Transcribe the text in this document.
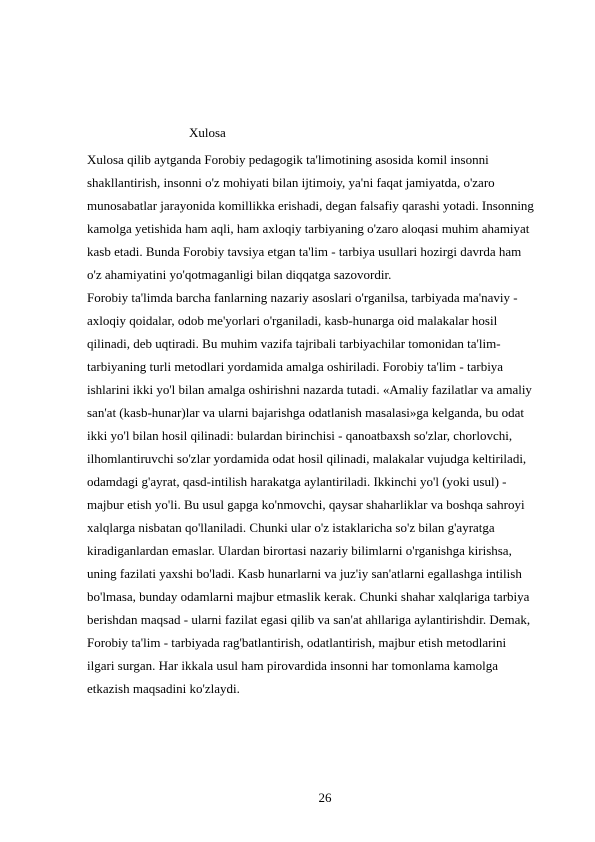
Xulosa
Xulosa qilib aytganda Forobiy pedagogik ta'limotining asosida komil insonni
shakllantirish, insonni o'z mohiyati bilan ijtimoiy, ya'ni faqat jamiyatda, o'zaro
munosabatlar jarayonida komillikka erishadi, degan falsafiy qarashi yotadi. Insonning
kamolga yetishida ham aqli, ham axloqiy tarbiyaning o'zaro aloqasi muhim ahamiyat
kasb etadi. Bunda Forobiy tavsiya etgan ta'lim - tarbiya usullari hozirgi davrda ham
o'z ahamiyatini yo'qotmaganligi bilan diqqatga sazovordir.
Forobiy ta'limda barcha fanlarning nazariy asoslari o'rganilsa, tarbiyada ma'naviy -
axloqiy qoidalar, odob me'yorlari o'rganiladi, kasb-hunarga oid malakalar hosil
qilinadi, deb uqtiradi. Bu muhim vazifa tajribali tarbiyachilar tomonidan ta'lim-
tarbiyaning turli metodlari yordamida amalga oshiriladi. Forobiy ta'lim - tarbiya
ishlarini ikki yo'l bilan amalga oshirishni nazarda tutadi. «Amaliy fazilatlar va amaliy
san'at (kasb-hunar)lar va ularni bajarishga odatlanish masalasi»ga kelganda, bu odat
ikki yo'l bilan hosil qilinadi: bulardan birinchisi - qanoatbaxsh so'zlar, chorlovchi,
ilhomlantiruvchi so'zlar yordamida odat hosil qilinadi, malakalar vujudga keltiriladi,
odamdagi g'ayrat, qasd-intilish harakatga aylantiriladi. Ikkinchi yo'l (yoki usul) -
majbur etish yo'li. Bu usul gapga ko'nmovchi, qaysar shaharliklar va boshqa sahroyi
xalqlarga nisbatan qo'llaniladi. Chunki ular o'z istaklaricha so'z bilan g'ayratga
kiradiganlardan emaslar. Ulardan birortasi nazariy bilimlarni o'rganishga kirishsa,
uning fazilati yaxshi bo'ladi. Kasb hunarlarni va juz'iy san'atlarni egallashga intilish
bo'lmasa, bunday odamlarni majbur etmaslik kerak. Chunki shahar xalqlariga tarbiya
berishdan maqsad - ularni fazilat egasi qilib va san'at ahllariga aylantirishdir. Demak,
Forobiy ta'lim - tarbiyada rag'batlantirish, odatlantirish, majbur etish metodlarini
ilgari surgan. Har ikkala usul ham pirovardida insonni har tomonlama kamolga
etkazish maqsadini ko'zlaydi.
26
